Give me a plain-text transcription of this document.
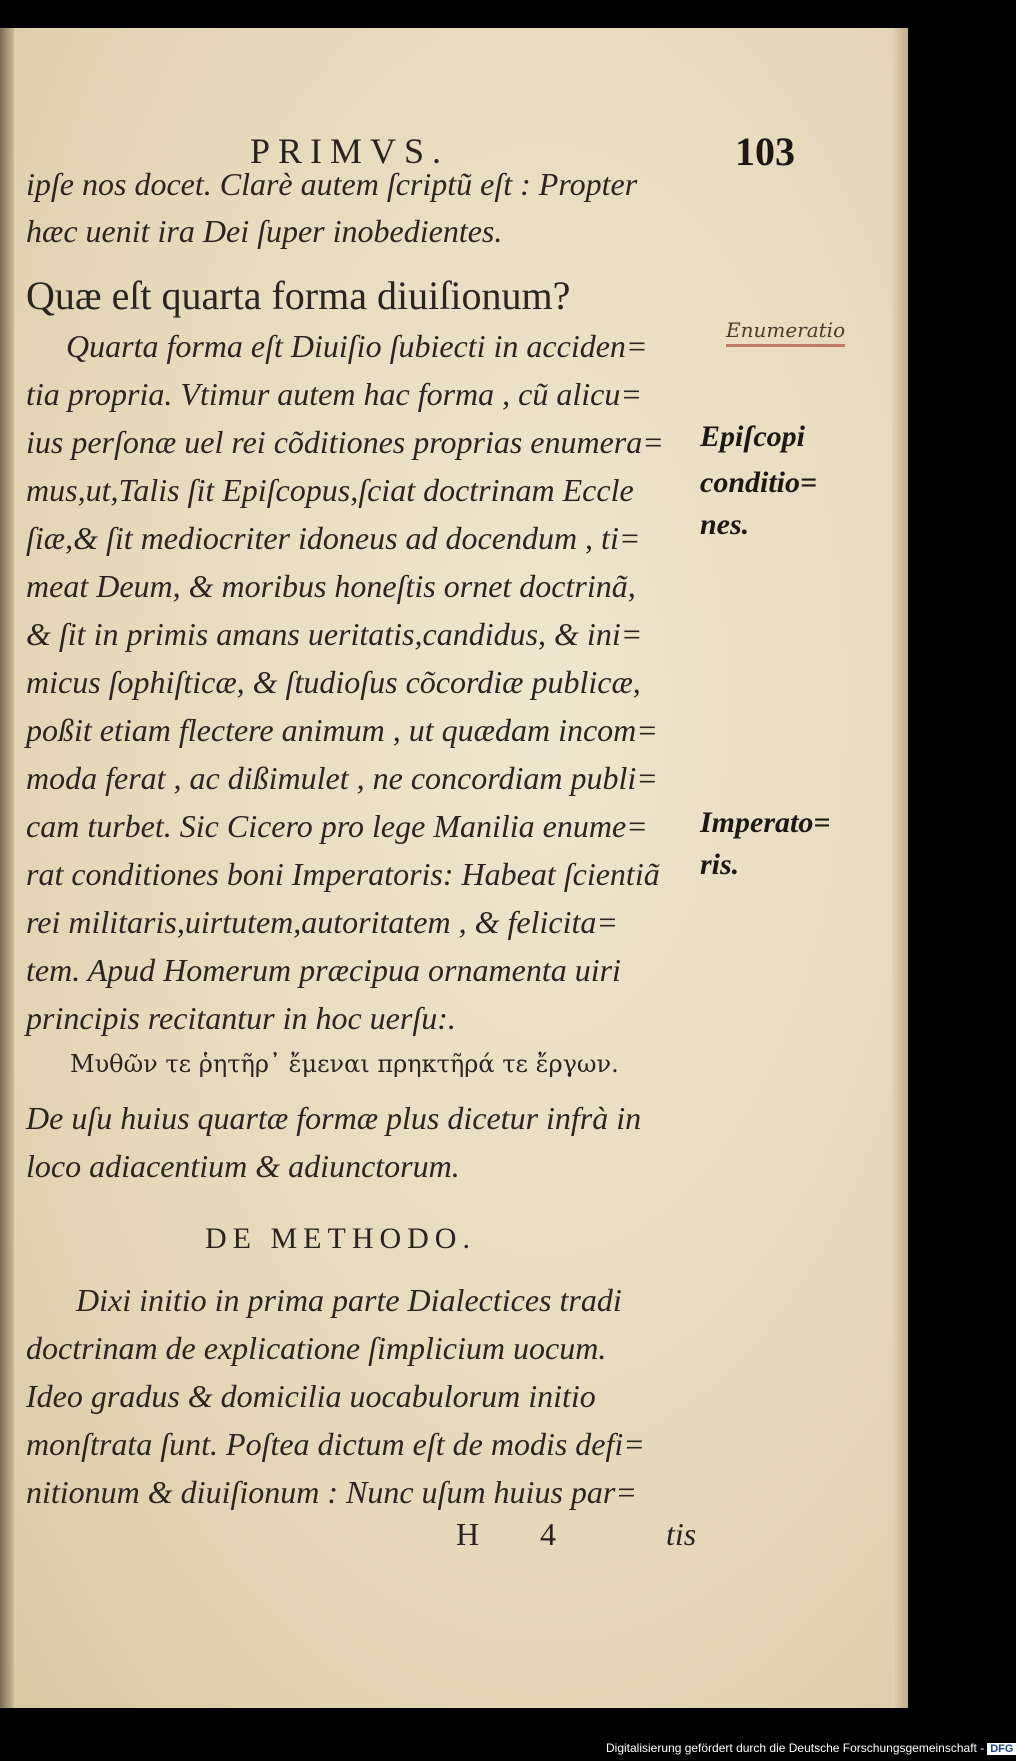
PRIMVS.	103
ipſe nos docet. Clarè autem ſcriptũ eſt : Propter
hæc uenit ira Dei ſuper inobedientes.
Quæ eſt quarta forma diuiſionum?
Enumeratio
Quarta forma eſt Diuiſio ſubiecti in acciden=
tia propria. Vtimur autem hac forma , cũ alicu=
ius perſonæ uel rei cõditiones proprias enumera=
mus,ut,Talis ſit Epiſcopus,ſciat doctrinam Eccle
ſiæ,& ſit mediocriter idoneus ad docendum , ti=
meat Deum, & moribus honeſtis ornet doctrinã,
& ſit in primis amans ueritatis,candidus, & ini=
micus ſophiſticæ, & ſtudioſus cõcordiæ publicæ,
poßit etiam flectere animum , ut quædam incom=
moda ferat , ac dißimulet , ne concordiam publi=
cam turbet. Sic Cicero pro lege Manilia enume=
rat conditiones boni Imperatoris: Habeat ſcientiã
rei militaris,uirtutem,autoritatem , & felicita=
tem. Apud Homerum præcipua ornamenta uiri
principis recitantur in hoc uerſu:.
Μυθῶν τε ῥητῆρ᾽ ἔμεναι πρηκτῆρά τε ἔργων.
De uſu huius quartæ formæ plus dicetur infrà in
loco adiacentium & adiunctorum.
DE METHODO.
Dixi initio in prima parte Dialectices tradi
doctrinam de explicatione ſimplicium uocum.
Ideo gradus & domicilia uocabulorum initio
monſtrata ſunt. Poſtea dictum eſt de modis defi=
nitionum & diuiſionum : Nunc uſum huius par=
H 4	tis
Epiſcopi
conditio=
nes.
Imperato=
ris.
Digitalisierung gefördert durch die Deutsche Forschungsgemeinschaft - DFG
